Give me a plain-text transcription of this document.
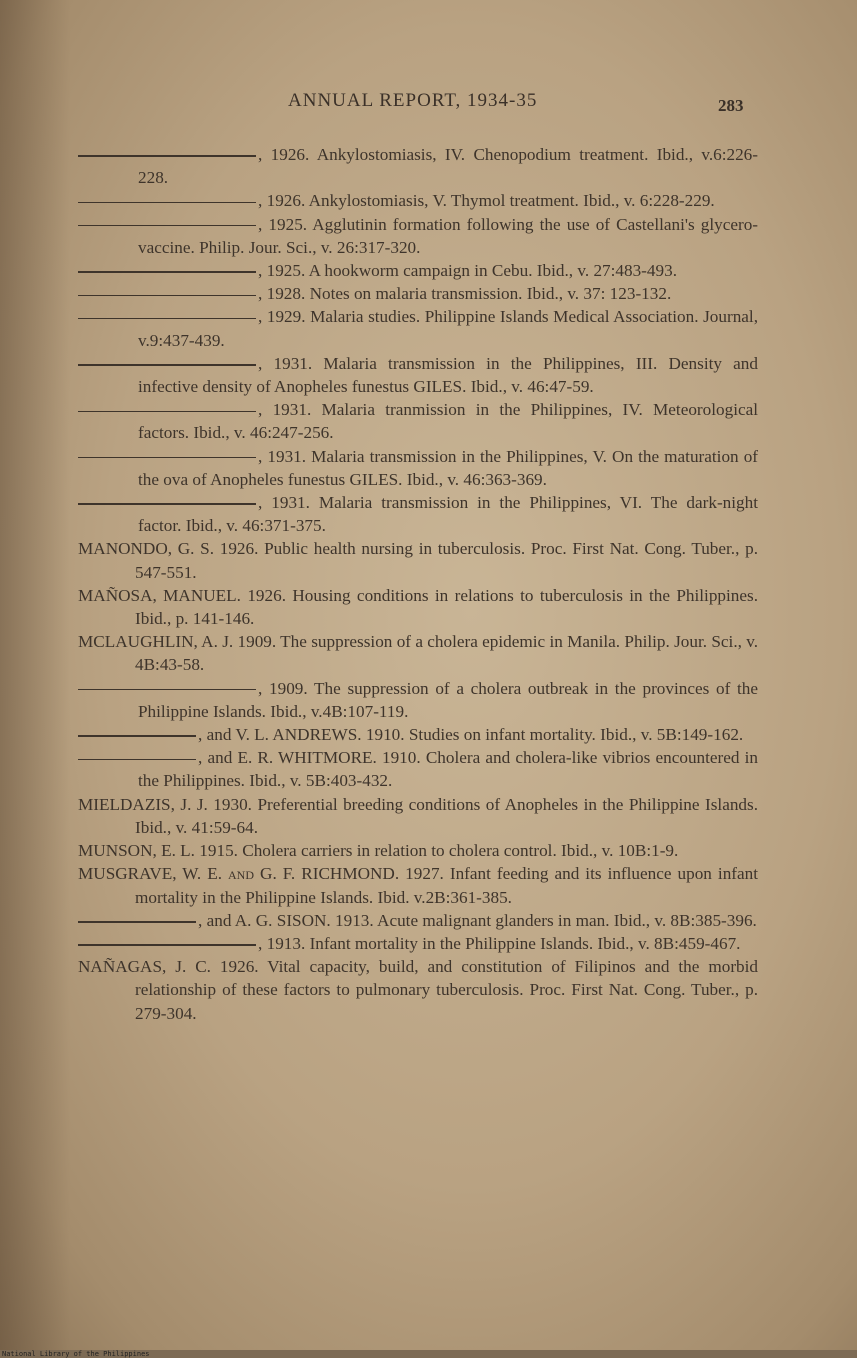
ANNUAL REPORT, 1934-35	283

, 1926. Ankylostomiasis, IV. Chenopodium treatment. Ibid., v.6:226-228.

, 1926. Ankylostomiasis, V. Thymol treatment. Ibid., v. 6:228-229.

, 1925. Agglutinin formation following the use of Castellani's glycero-vaccine. Philip. Jour. Sci., v. 26:317-320.

, 1925. A hookworm campaign in Cebu. Ibid., v. 27:483-493.

, 1928. Notes on malaria transmission. Ibid., v. 37: 123-132.

, 1929. Malaria studies. Philippine Islands Medical Association. Journal, v.9:437-439.

, 1931. Malaria transmission in the Philippines, III. Density and infective density of Anopheles funestus GILES. Ibid., v. 46:47-59.

, 1931. Malaria tranmission in the Philippines, IV. Meteorological factors. Ibid., v. 46:247-256.

, 1931. Malaria transmission in the Philippines, V. On the maturation of the ova of Anopheles funestus GILES. Ibid., v. 46:363-369.

, 1931. Malaria transmission in the Philippines, VI. The dark-night factor. Ibid., v. 46:371-375.

MANONDO, G. S. 1926. Public health nursing in tuberculosis. Proc. First Nat. Cong. Tuber., p. 547-551.

MAÑOSA, MANUEL. 1926. Housing conditions in relations to tuberculosis in the Philippines. Ibid., p. 141-146.

MCLAUGHLIN, A. J. 1909. The suppression of a cholera epidemic in Manila. Philip. Jour. Sci., v. 4B:43-58.

, 1909. The suppression of a cholera outbreak in the provinces of the Philippine Islands. Ibid., v.4B:107-119.

, and V. L. ANDREWS. 1910. Studies on infant mortality. Ibid., v. 5B:149-162.

, and E. R. WHITMORE. 1910. Cholera and cholera-like vibrios encountered in the Philippines. Ibid., v. 5B:403-432.

MIELDAZIS, J. J. 1930. Preferential breeding conditions of Anopheles in the Philippine Islands. Ibid., v. 41:59-64.

MUNSON, E. L. 1915. Cholera carriers in relation to cholera control. Ibid., v. 10B:1-9.

MUSGRAVE, W. E. and G. F. RICHMOND. 1927. Infant feeding and its influence upon infant mortality in the Philippine Islands. Ibid. v.2B:361-385.

, and A. G. SISON. 1913. Acute malignant glanders in man. Ibid., v. 8B:385-396.

, 1913. Infant mortality in the Philippine Islands. Ibid., v. 8B:459-467.

NAÑAGAS, J. C. 1926. Vital capacity, build, and constitution of Filipinos and the morbid relationship of these factors to pulmonary tuberculosis. Proc. First Nat. Cong. Tuber., p. 279-304.

National Library of the Philippines
